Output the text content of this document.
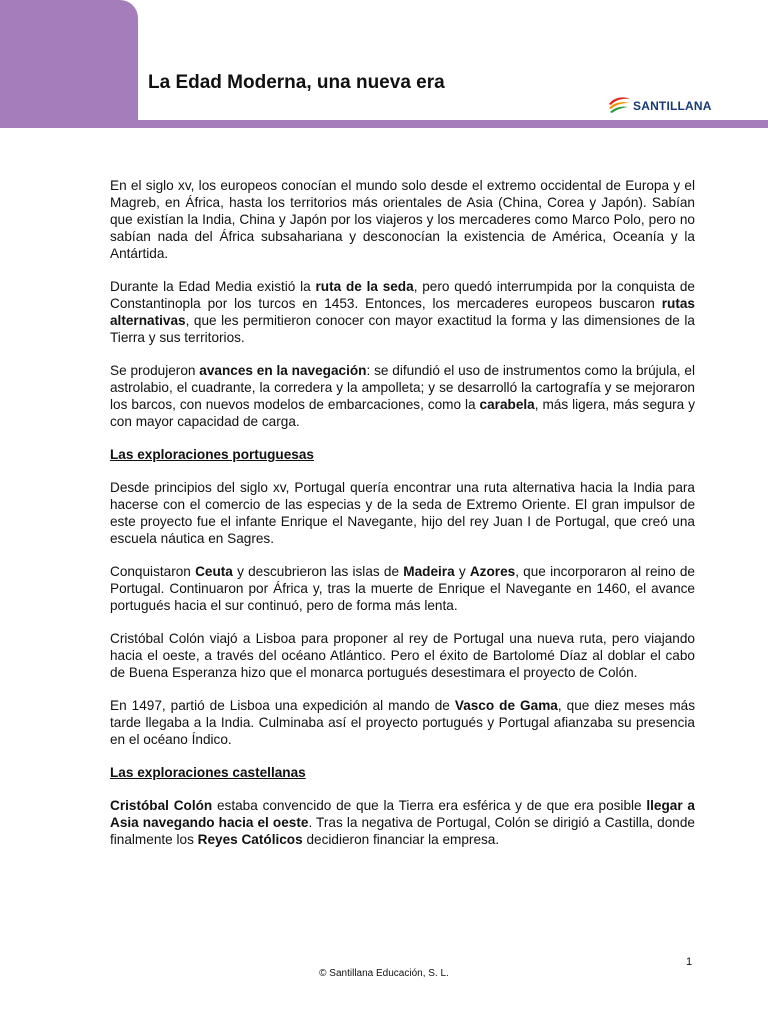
La Edad Moderna, una nueva era
SANTILLANA

En el siglo xv, los europeos conocían el mundo solo desde el extremo occidental de Europa y el Magreb, en África, hasta los territorios más orientales de Asia (China, Corea y Japón). Sabían que existían la India, China y Japón por los viajeros y los mercaderes como Marco Polo, pero no sabían nada del África subsahariana y desconocían la existencia de América, Oceanía y la Antártida.

Durante la Edad Media existió la ruta de la seda, pero quedó interrumpida por la conquista de Constantinopla por los turcos en 1453. Entonces, los mercaderes europeos buscaron rutas alternativas, que les permitieron conocer con mayor exactitud la forma y las dimensiones de la Tierra y sus territorios.

Se produjeron avances en la navegación: se difundió el uso de instrumentos como la brújula, el astrolabio, el cuadrante, la corredera y la ampolleta; y se desarrolló la cartografía y se mejoraron los barcos, con nuevos modelos de embarcaciones, como la carabela, más ligera, más segura y con mayor capacidad de carga.

Las exploraciones portuguesas

Desde principios del siglo xv, Portugal quería encontrar una ruta alternativa hacia la India para hacerse con el comercio de las especias y de la seda de Extremo Oriente. El gran impulsor de este proyecto fue el infante Enrique el Navegante, hijo del rey Juan I de Portugal, que creó una escuela náutica en Sagres.

Conquistaron Ceuta y descubrieron las islas de Madeira y Azores, que incorporaron al reino de Portugal. Continuaron por África y, tras la muerte de Enrique el Navegante en 1460, el avance portugués hacia el sur continuó, pero de forma más lenta.

Cristóbal Colón viajó a Lisboa para proponer al rey de Portugal una nueva ruta, pero viajando hacia el oeste, a través del océano Atlántico. Pero el éxito de Bartolomé Díaz al doblar el cabo de Buena Esperanza hizo que el monarca portugués desestimara el proyecto de Colón.

En 1497, partió de Lisboa una expedición al mando de Vasco de Gama, que diez meses más tarde llegaba a la India. Culminaba así el proyecto portugués y Portugal afianzaba su presencia en el océano Índico.

Las exploraciones castellanas

Cristóbal Colón estaba convencido de que la Tierra era esférica y de que era posible llegar a Asia navegando hacia el oeste. Tras la negativa de Portugal, Colón se dirigió a Castilla, donde finalmente los Reyes Católicos decidieron financiar la empresa.

1
© Santillana Educación, S. L.
